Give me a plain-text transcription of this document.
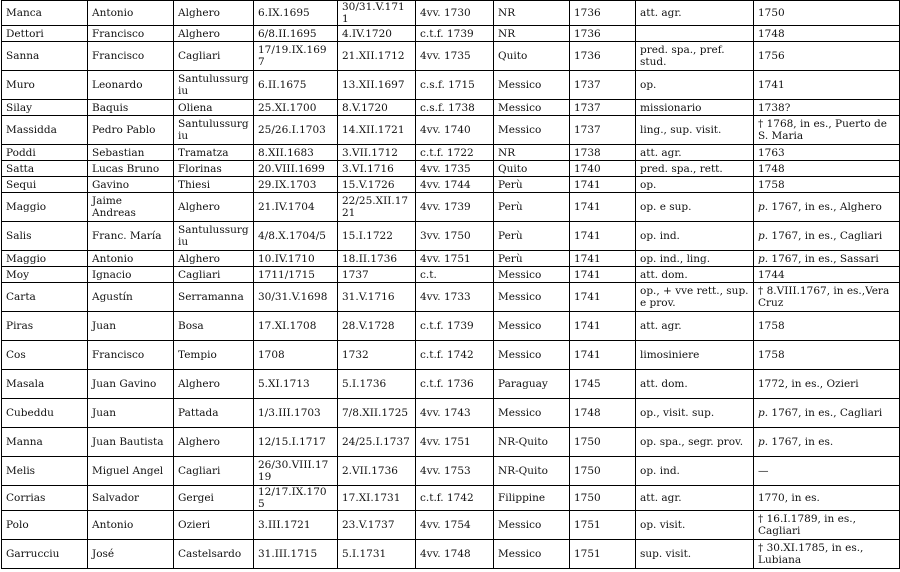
Manca	Antonio	Alghero	6.IX.1695	30/31.V.1711	4vv. 1730	NR	1736	att. agr.	1750
Dettori	Francisco	Alghero	6/8.II.1695	4.IV.1720	c.t.f. 1739	NR	1736		1748
Sanna	Francisco	Cagliari	17/19.IX.1697	21.XII.1712	4vv. 1735	Quito	1736	pred. spa., pref. stud.	1756
Muro	Leonardo	Santulussurgiu	6.II.1675	13.XII.1697	c.s.f. 1715	Messico	1737	op.	1741
Silay	Baquis	Oliena	25.XI.1700	8.V.1720	c.s.f. 1738	Messico	1737	missionario	1738?
Massidda	Pedro Pablo	Santulussurgiu	25/26.I.1703	14.XII.1721	4vv. 1740	Messico	1737	ling., sup. visit.	† 1768, in es., Puerto de S. Maria
Poddi	Sebastian	Tramatza	8.XII.1683	3.VII.1712	c.t.f. 1722	NR	1738	att. agr.	1763
Satta	Lucas Bruno	Florinas	20.VIII.1699	3.VI.1716	4vv. 1735	Quito	1740	pred. spa., rett.	1748
Sequi	Gavino	Thiesi	29.IX.1703	15.V.1726	4vv. 1744	Perù	1741	op.	1758
Maggio	Jaime Andreas	Alghero	21.IV.1704	22/25.XII.1721	4vv. 1739	Perù	1741	op. e sup.	p. 1767, in es., Alghero
Salis	Franc. María	Santulussurgiu	4/8.X.1704/5	15.I.1722	3vv. 1750	Perù	1741	op. ind.	p. 1767, in es., Cagliari
Maggio	Antonio	Alghero	10.IV.1710	18.II.1736	4vv. 1751	Perù	1741	op. ind., ling.	p. 1767, in es., Sassari
Moy	Ignacio	Cagliari	1711/1715	1737	c.t.	Messico	1741	att. dom.	1744
Carta	Agustín	Serramanna	30/31.V.1698	31.V.1716	4vv. 1733	Messico	1741	op., + vve rett., sup. e prov.	† 8.VIII.1767, in es.,Vera Cruz
Piras	Juan	Bosa	17.XI.1708	28.V.1728	c.t.f. 1739	Messico	1741	att. agr.	1758
Cos	Francisco	Tempio	1708	1732	c.t.f. 1742	Messico	1741	limosiniere	1758
Masala	Juan Gavino	Alghero	5.XI.1713	5.I.1736	c.t.f. 1736	Paraguay	1745	att. dom.	1772, in es., Ozieri
Cubeddu	Juan	Pattada	1/3.III.1703	7/8.XII.1725	4vv. 1743	Messico	1748	op., visit. sup.	p. 1767, in es., Cagliari
Manna	Juan Bautista	Alghero	12/15.I.1717	24/25.I.1737	4vv. 1751	NR-Quito	1750	op. spa., segr. prov.	p. 1767, in es.
Melis	Miguel Angel	Cagliari	26/30.VIII.1719	2.VII.1736	4vv. 1753	NR-Quito	1750	op. ind.	—
Corrias	Salvador	Gergei	12/17.IX.1705	17.XI.1731	c.t.f. 1742	Filippine	1750	att. agr.	1770, in es.
Polo	Antonio	Ozieri	3.III.1721	23.V.1737	4vv. 1754	Messico	1751	op. visit.	† 16.I.1789, in es., Cagliari
Garrucciu	José	Castelsardo	31.III.1715	5.I.1731	4vv. 1748	Messico	1751	sup. visit.	† 30.XI.1785, in es., Lubiana
